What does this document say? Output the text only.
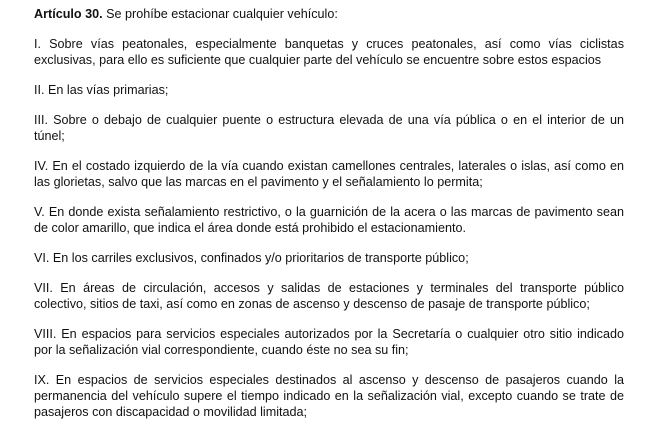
Artículo 30. Se prohíbe estacionar cualquier vehículo:

I. Sobre vías peatonales, especialmente banquetas y cruces peatonales, así como vías ciclistas exclusivas, para ello es suficiente que cualquier parte del vehículo se encuentre sobre estos espacios

II. En las vías primarias;

III. Sobre o debajo de cualquier puente o estructura elevada de una vía pública o en el interior de un túnel;

IV. En el costado izquierdo de la vía cuando existan camellones centrales, laterales o islas, así como en las glorietas, salvo que las marcas en el pavimento y el señalamiento lo permita;

V. En donde exista señalamiento restrictivo, o la guarnición de la acera o las marcas de pavimento sean de color amarillo, que indica el área donde está prohibido el estacionamiento.

VI. En los carriles exclusivos, confinados y/o prioritarios de transporte público;

VII. En áreas de circulación, accesos y salidas de estaciones y terminales del transporte público colectivo, sitios de taxi, así como en zonas de ascenso y descenso de pasaje de transporte público;

VIII. En espacios para servicios especiales autorizados por la Secretaría o cualquier otro sitio indicado por la señalización vial correspondiente, cuando éste no sea su fin;

IX. En espacios de servicios especiales destinados al ascenso y descenso de pasajeros cuando la permanencia del vehículo supere el tiempo indicado en la señalización vial, excepto cuando se trate de pasajeros con discapacidad o movilidad limitada;
